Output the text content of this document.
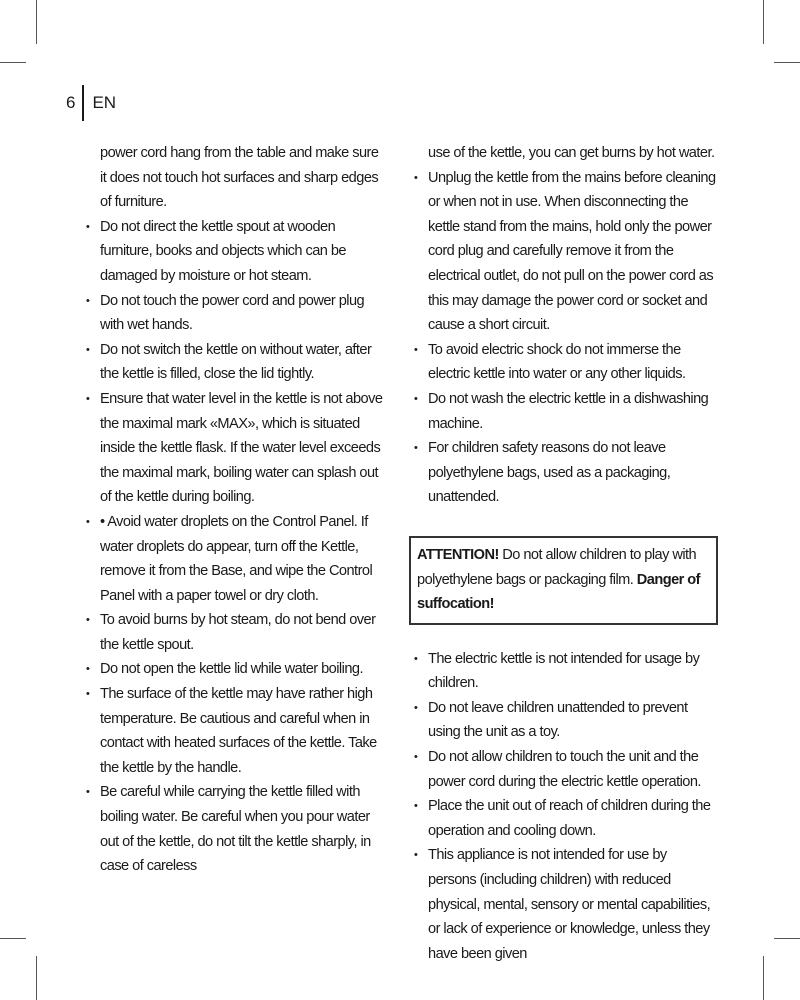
6 EN
power cord hang from the table and make sure it does not touch hot surfaces and sharp edges of furniture.
• Do not direct the kettle spout at wooden furniture, books and objects which can be damaged by moisture or hot steam.
• Do not touch the power cord and power plug with wet hands.
• Do not switch the kettle on without water, after the kettle is filled, close the lid tightly.
• Ensure that water level in the kettle is not above the maximal mark «MAX», which is situated inside the kettle flask. If the water level exceeds the maximal mark, boiling water can splash out of the kettle during boiling.
• • Avoid water droplets on the Control Panel. If water droplets do appear, turn off the Kettle, remove it from the Base, and wipe the Control Panel with a paper towel or dry cloth.
• To avoid burns by hot steam, do not bend over the kettle spout.
• Do not open the kettle lid while water boiling.
• The surface of the kettle may have rather high temperature. Be cautious and careful when in contact with heated surfaces of the kettle. Take the kettle by the handle.
• Be careful while carrying the kettle filled with boiling water. Be careful when you pour water out of the kettle, do not tilt the kettle sharply, in case of careless
use of the kettle, you can get burns by hot water.
• Unplug the kettle from the mains before cleaning or when not in use. When disconnecting the kettle stand from the mains, hold only the power cord plug and carefully remove it from the electrical outlet, do not pull on the power cord as this may damage the power cord or socket and cause a short circuit.
• To avoid electric shock do not immerse the electric kettle into water or any other liquids.
• Do not wash the electric kettle in a dishwashing machine.
• For children safety reasons do not leave polyethylene bags, used as a packaging, unattended.
ATTENTION! Do not allow children to play with polyethylene bags or packaging film. Danger of suffocation!
• The electric kettle is not intended for usage by children.
• Do not leave children unattended to prevent using the unit as a toy.
• Do not allow children to touch the unit and the power cord during the electric kettle operation.
• Place the unit out of reach of children during the operation and cooling down.
• This appliance is not intended for use by persons (including children) with reduced physical, mental, sensory or mental capabilities, or lack of experience or knowledge, unless they have been given
